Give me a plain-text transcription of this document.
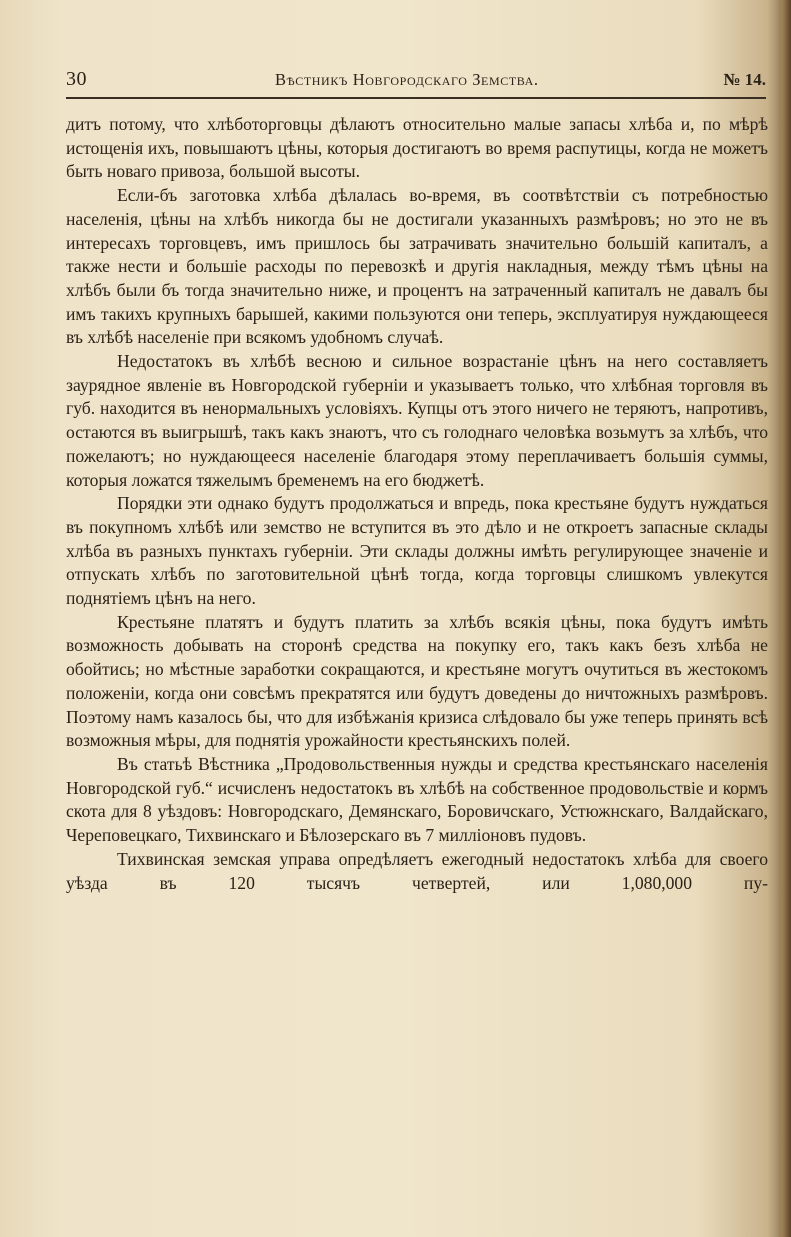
30	Вѣстникъ Новгородскаго Земства.	№ 14.

дитъ потому, что хлѣботорговцы дѣлаютъ относительно малые запасы хлѣба и, по мѣрѣ истощенія ихъ, повышаютъ цѣны, которыя достигаютъ во время распутицы, когда не можетъ быть новаго привоза, большой высоты.

Если-бъ заготовка хлѣба дѣлалась во-время, въ соотвѣтствіи съ потребностью населенія, цѣны на хлѣбъ никогда бы не достигали указанныхъ размѣровъ; но это не въ интересахъ торговцевъ, имъ пришлось бы затрачивать значительно большій капиталъ, а также нести и большіе расходы по перевозкѣ и другія накладныя, между тѣмъ цѣны на хлѣбъ были бъ тогда значительно ниже, и процентъ на затраченный капиталъ не давалъ бы имъ такихъ крупныхъ барышей, какими пользуются они теперь, эксплуатируя нуждающееся въ хлѣбѣ населеніе при всякомъ удобномъ случаѣ.

Недостатокъ въ хлѣбѣ весною и сильное возрастаніе цѣнъ на него составляетъ заурядное явленіе въ Новгородской губерніи и указываетъ только, что хлѣбная торговля въ губ. находится въ ненормальныхъ условіяхъ. Купцы отъ этого ничего не теряютъ, напротивъ, остаются въ выигрышѣ, такъ какъ знаютъ, что съ голоднаго человѣка возьмутъ за хлѣбъ, что пожелаютъ; но нуждающееся населеніе благодаря этому переплачиваетъ большія суммы, которыя ложатся тяжелымъ бременемъ на его бюджетѣ.

Порядки эти однако будутъ продолжаться и впредь, пока крестьяне будутъ нуждаться въ покупномъ хлѣбѣ или земство не вступится въ это дѣло и не откроетъ запасные склады хлѣба въ разныхъ пунктахъ губерніи. Эти склады должны имѣть регулирующее значеніе и отпускать хлѣбъ по заготовительной цѣнѣ тогда, когда торговцы слишкомъ увлекутся поднятіемъ цѣнъ на него.

Крестьяне платятъ и будутъ платить за хлѣбъ всякія цѣны, пока будутъ имѣть возможность добывать на сторонѣ средства на покупку его, такъ какъ безъ хлѣба не обойтись; но мѣстные заработки сокращаются, и крестьяне могутъ очутиться въ жестокомъ положеніи, когда они совсѣмъ прекратятся или будутъ доведены до ничтожныхъ размѣровъ. Поэтому намъ казалось бы, что для избѣжанія кризиса слѣдовало бы уже теперь принять всѣ возможныя мѣры, для поднятія урожайности крестьянскихъ полей.

Въ статьѣ Вѣстника „Продовольственныя нужды и средства крестьянскаго населенія Новгородской губ.“ исчисленъ недостатокъ въ хлѣбѣ на собственное продовольствіе и кормъ скота для 8 уѣздовъ: Новгородскаго, Демянскаго, Боровичскаго, Устюжнскаго, Валдайскаго, Череповецкаго, Тихвинскаго и Бѣлозерскаго въ 7 милліоновъ пудовъ.

Тихвинская земская управа опредѣляетъ ежегодный недостатокъ хлѣба для своего уѣзда въ 120 тысячъ четвертей, или 1,080,000 пу-
